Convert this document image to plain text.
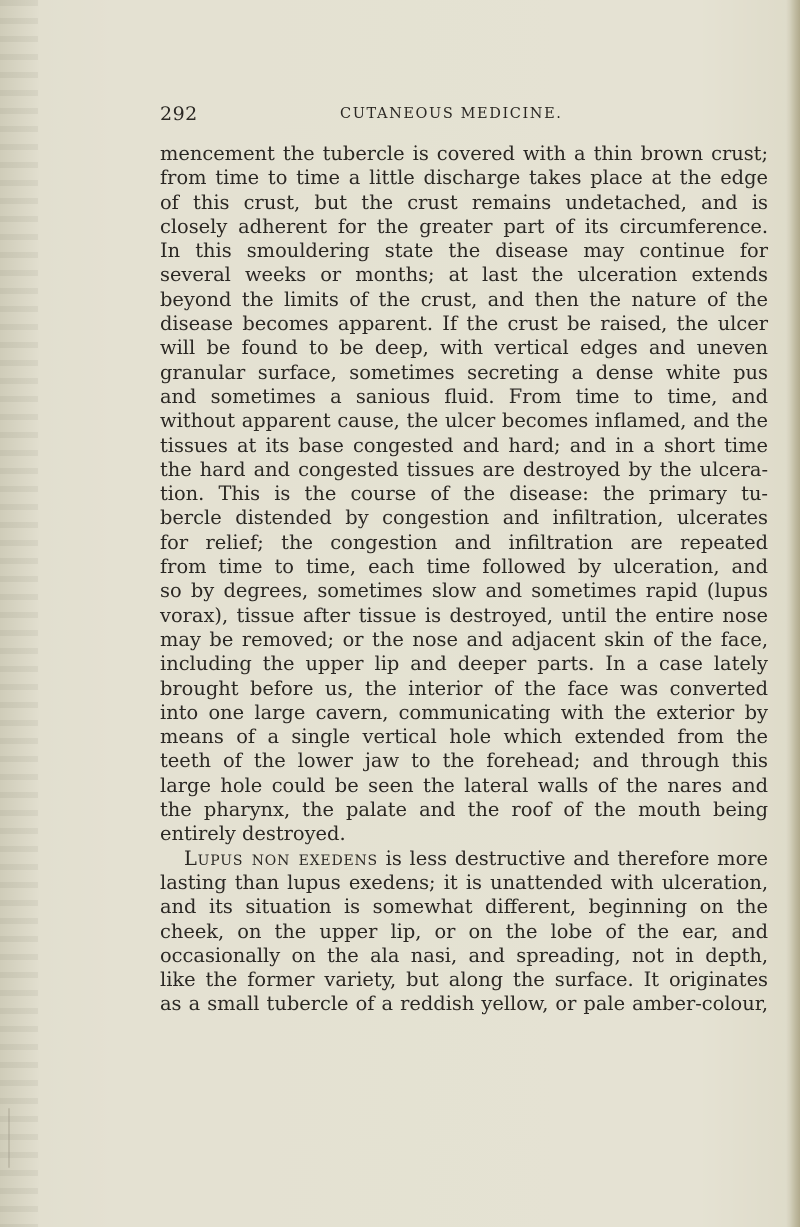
292	CUTANEOUS MEDICINE.
mencement the tubercle is covered with a thin brown crust;
from time to time a little discharge takes place at the edge
of this crust, but the crust remains undetached, and is
closely adherent for the greater part of its circumference.
In this smouldering state the disease may continue for
several weeks or months; at last the ulceration extends
beyond the limits of the crust, and then the nature of the
disease becomes apparent. If the crust be raised, the ulcer
will be found to be deep, with vertical edges and uneven
granular surface, sometimes secreting a dense white pus
and sometimes a sanious fluid. From time to time, and
without apparent cause, the ulcer becomes inflamed, and the
tissues at its base congested and hard; and in a short time
the hard and congested tissues are destroyed by the ulcera-
tion. This is the course of the disease: the primary tu-
bercle distended by congestion and infiltration, ulcerates
for relief; the congestion and infiltration are repeated
from time to time, each time followed by ulceration, and
so by degrees, sometimes slow and sometimes rapid (lupus
vorax), tissue after tissue is destroyed, until the entire nose
may be removed; or the nose and adjacent skin of the face,
including the upper lip and deeper parts. In a case lately
brought before us, the interior of the face was converted
into one large cavern, communicating with the exterior by
means of a single vertical hole which extended from the
teeth of the lower jaw to the forehead; and through this
large hole could be seen the lateral walls of the nares and
the pharynx, the palate and the roof of the mouth being
entirely destroyed.
Lupus non exedens is less destructive and therefore more
lasting than lupus exedens; it is unattended with ulceration,
and its situation is somewhat different, beginning on the
cheek, on the upper lip, or on the lobe of the ear, and
occasionally on the ala nasi, and spreading, not in depth,
like the former variety, but along the surface. It originates
as a small tubercle of a reddish yellow, or pale amber-colour,
